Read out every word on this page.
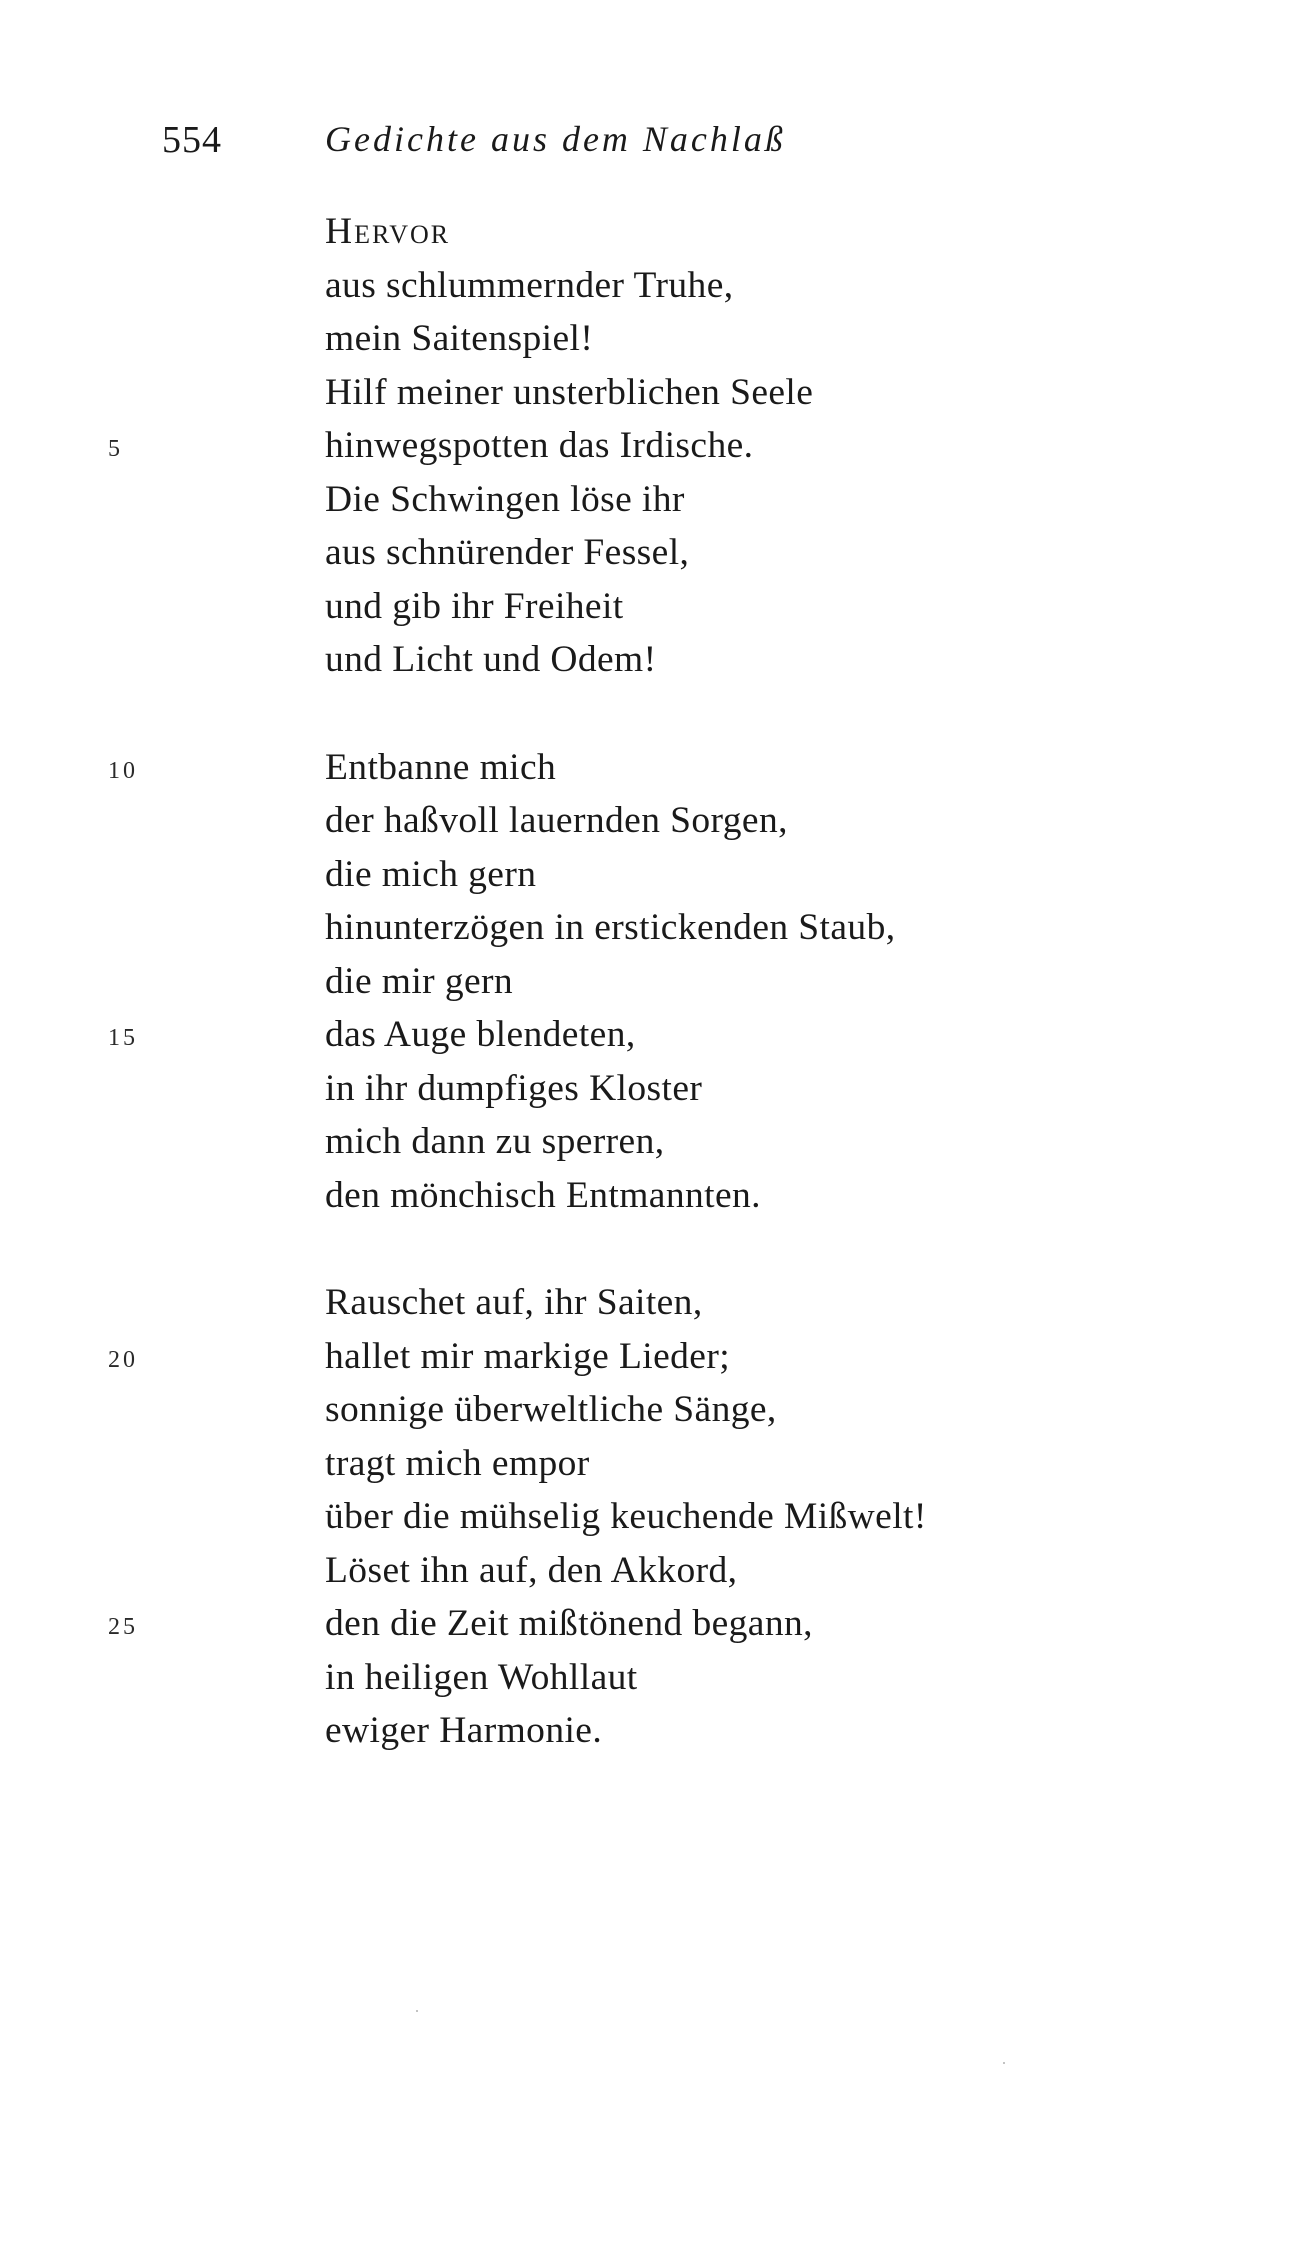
554	Gedichte aus dem Nachlaß
Hervor
aus schlummernder Truhe,
mein Saitenspiel!
Hilf meiner unsterblichen Seele
5	hinwegspotten das Irdische.
Die Schwingen löse ihr
aus schnürender Fessel,
und gib ihr Freiheit
und Licht und Odem!
10	Entbanne mich
der haßvoll lauernden Sorgen,
die mich gern
hinunterzögen in erstickenden Staub,
die mir gern
15	das Auge blendeten,
in ihr dumpfiges Kloster
mich dann zu sperren,
den mönchisch Entmannten.
Rauschet auf, ihr Saiten,
20	hallet mir markige Lieder;
sonnige überweltliche Sänge,
tragt mich empor
über die mühselig keuchende Mißwelt!
Löset ihn auf, den Akkord,
25	den die Zeit mißtönend begann,
in heiligen Wohllaut
ewiger Harmonie.
